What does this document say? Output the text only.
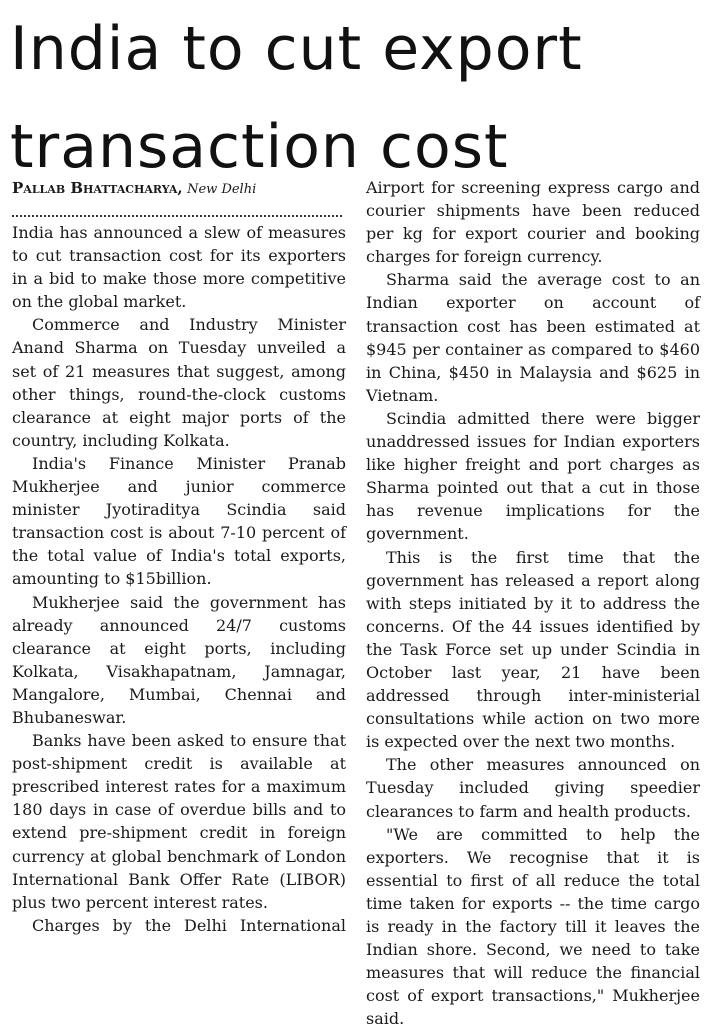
India to cut export transaction cost

Pallab Bhattacharya, New Delhi

India has announced a slew of measures to cut transaction cost for its exporters in a bid to make those more competitive on the global market.

Commerce and Industry Minister Anand Sharma on Tuesday unveiled a set of 21 measures that suggest, among other things, round-the-clock customs clearance at eight major ports of the country, including Kolkata.

India's Finance Minister Pranab Mukherjee and junior commerce minister Jyotiraditya Scindia said transaction cost is about 7-10 percent of the total value of India's total exports, amounting to $15billion.

Mukherjee said the government has already announced 24/7 customs clearance at eight ports, including Kolkata, Visakhapatnam, Jamnagar, Mangalore, Mumbai, Chennai and Bhubaneswar.

Banks have been asked to ensure that post-shipment credit is available at prescribed interest rates for a maximum 180 days in case of overdue bills and to extend pre-shipment credit in foreign currency at global benchmark of London International Bank Offer Rate (LIBOR) plus two percent interest rates.

Charges by the Delhi International

Airport for screening express cargo and courier shipments have been reduced per kg for export courier and booking charges for foreign currency.

Sharma said the average cost to an Indian exporter on account of transaction cost has been estimated at $945 per container as compared to $460 in China, $450 in Malaysia and $625 in Vietnam.

Scindia admitted there were bigger unaddressed issues for Indian exporters like higher freight and port charges as Sharma pointed out that a cut in those has revenue implications for the government.

This is the first time that the government has released a report along with steps initiated by it to address the concerns. Of the 44 issues identified by the Task Force set up under Scindia in October last year, 21 have been addressed through inter-ministerial consultations while action on two more is expected over the next two months.

The other measures announced on Tuesday included giving speedier clearances to farm and health products.

"We are committed to help the exporters. We recognise that it is essential to first of all reduce the total time taken for exports -- the time cargo is ready in the factory till it leaves the Indian shore. Second, we need to take measures that will reduce the financial cost of export transactions," Mukherjee said.
